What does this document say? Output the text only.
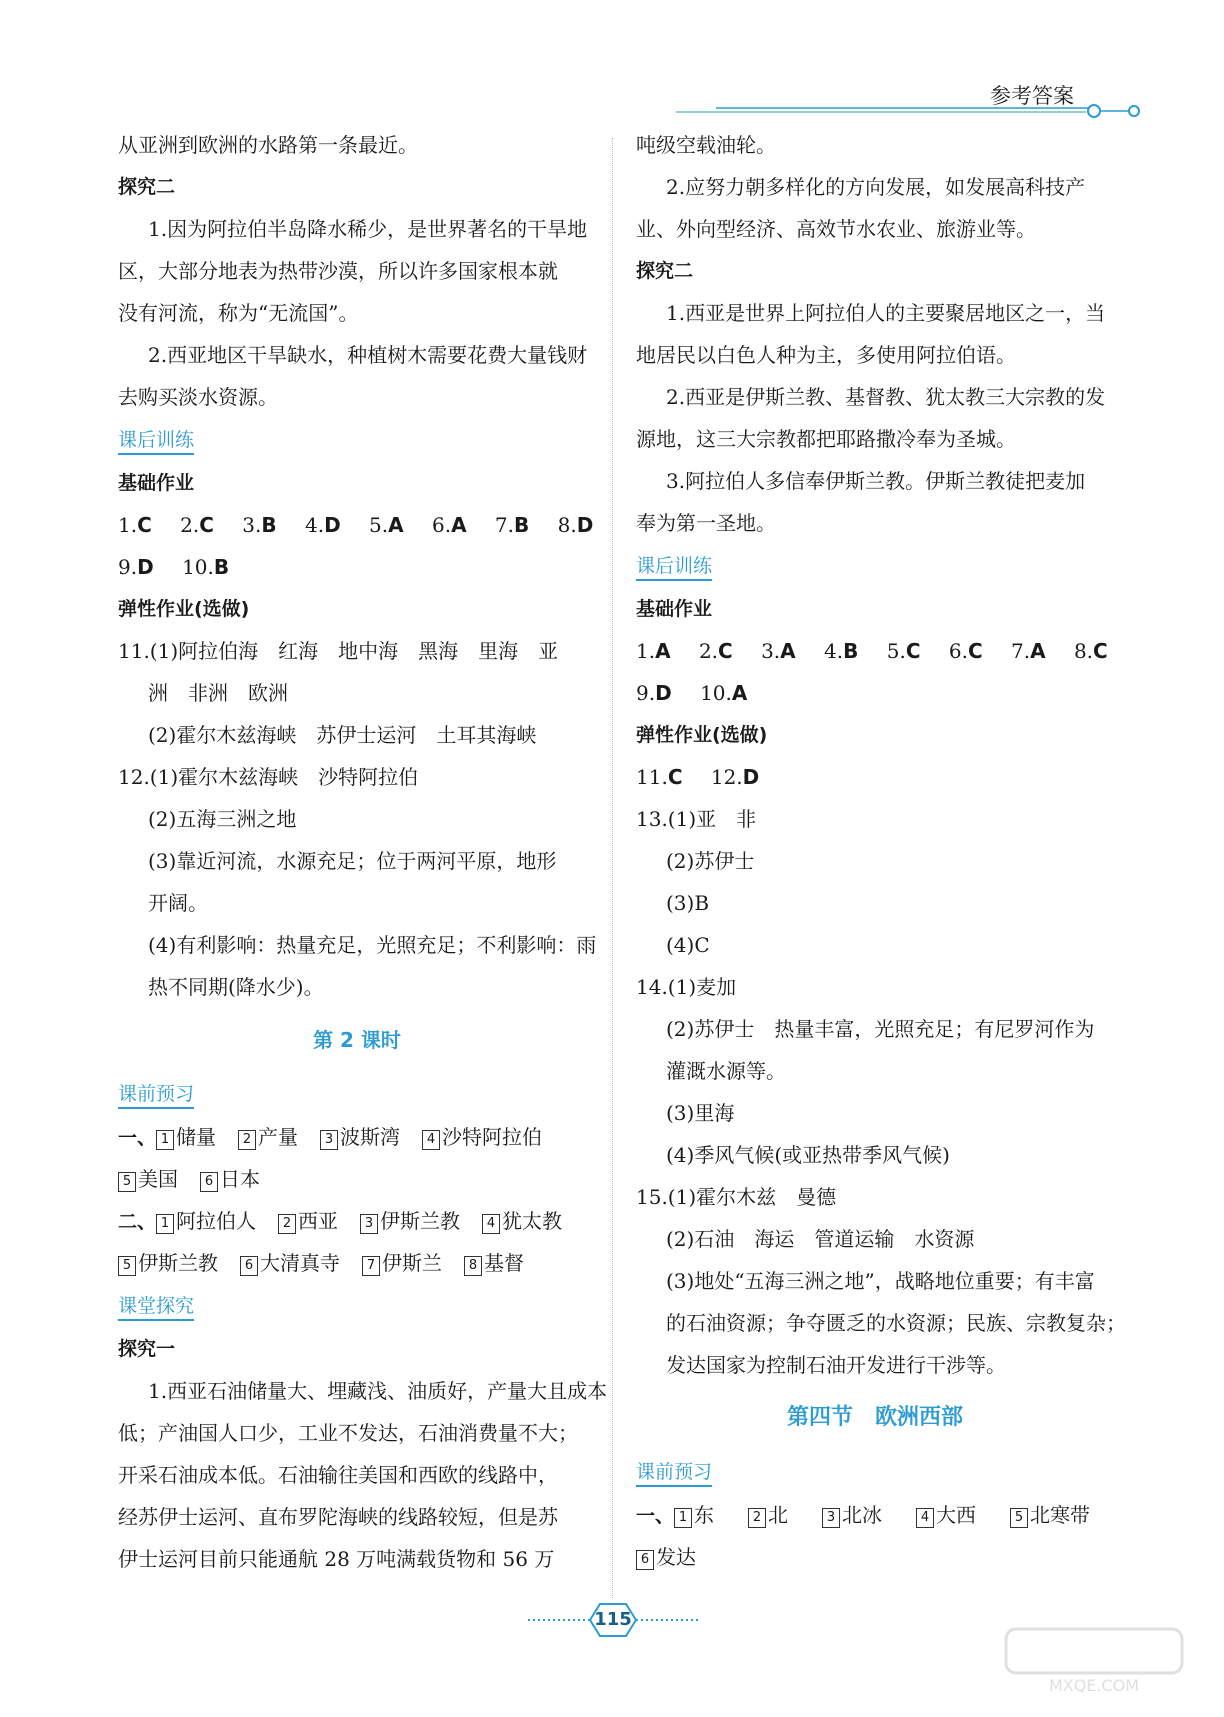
参考答案
从亚洲到欧洲的水路第一条最近。
探究二
1.因为阿拉伯半岛降水稀少，是世界著名的干旱地
区，大部分地表为热带沙漠，所以许多国家根本就
没有河流，称为“无流国”。
2.西亚地区干旱缺水，种植树木需要花费大量钱财
去购买淡水资源。
课后训练
基础作业
1.C 2.C 3.B 4.D 5.A 6.A 7.B 8.D
9.D 10.B
弹性作业(选做)
11.(1)阿拉伯海　红海　地中海　黑海　里海　亚
洲　非洲　欧洲
(2)霍尔木兹海峡　苏伊士运河　土耳其海峡
12.(1)霍尔木兹海峡　沙特阿拉伯
(2)五海三洲之地
(3)靠近河流，水源充足；位于两河平原，地形
开阔。
(4)有利影响：热量充足，光照充足；不利影响：雨
热不同期(降水少)。
第 2 课时
课前预习
一、 1 储量 2 产量 3 波斯湾 4 沙特阿拉伯
5 美国 6 日本
二、 1 阿拉伯人 2 西亚 3 伊斯兰教 4 犹太教
5 伊斯兰教 6 大清真寺 7 伊斯兰 8 基督
课堂探究
探究一
1.西亚石油储量大、埋藏浅、油质好，产量大且成本
低；产油国人口少，工业不发达，石油消费量不大；
开采石油成本低。石油输往美国和西欧的线路中，
经苏伊士运河、直布罗陀海峡的线路较短，但是苏
伊士运河目前只能通航 28 万吨满载货物和 56 万
吨级空载油轮。
2.应努力朝多样化的方向发展，如发展高科技产
业、外向型经济、高效节水农业、旅游业等。
探究二
1.西亚是世界上阿拉伯人的主要聚居地区之一，当
地居民以白色人种为主，多使用阿拉伯语。
2.西亚是伊斯兰教、基督教、犹太教三大宗教的发
源地，这三大宗教都把耶路撒冷奉为圣城。
3.阿拉伯人多信奉伊斯兰教。伊斯兰教徒把麦加
奉为第一圣地。
课后训练
基础作业
1.A 2.C 3.A 4.B 5.C 6.C 7.A 8.C
9.D 10.A
弹性作业(选做)
11.C 12.D
13.(1)亚　非
(2)苏伊士
(3)B
(4)C
14.(1)麦加
(2)苏伊士　热量丰富，光照充足；有尼罗河作为
灌溉水源等。
(3)里海
(4)季风气候(或亚热带季风气候)
15.(1)霍尔木兹　曼德
(2)石油　海运　管道运输　水资源
(3)地处“五海三洲之地”，战略地位重要；有丰富
的石油资源；争夺匮乏的水资源；民族、宗教复杂；
发达国家为控制石油开发进行干涉等。
第四节　欧洲西部
课前预习
一、 1 东	2 北	3 北冰	4 大西	5 北寒带
6 发达
115
MXQE.COM
